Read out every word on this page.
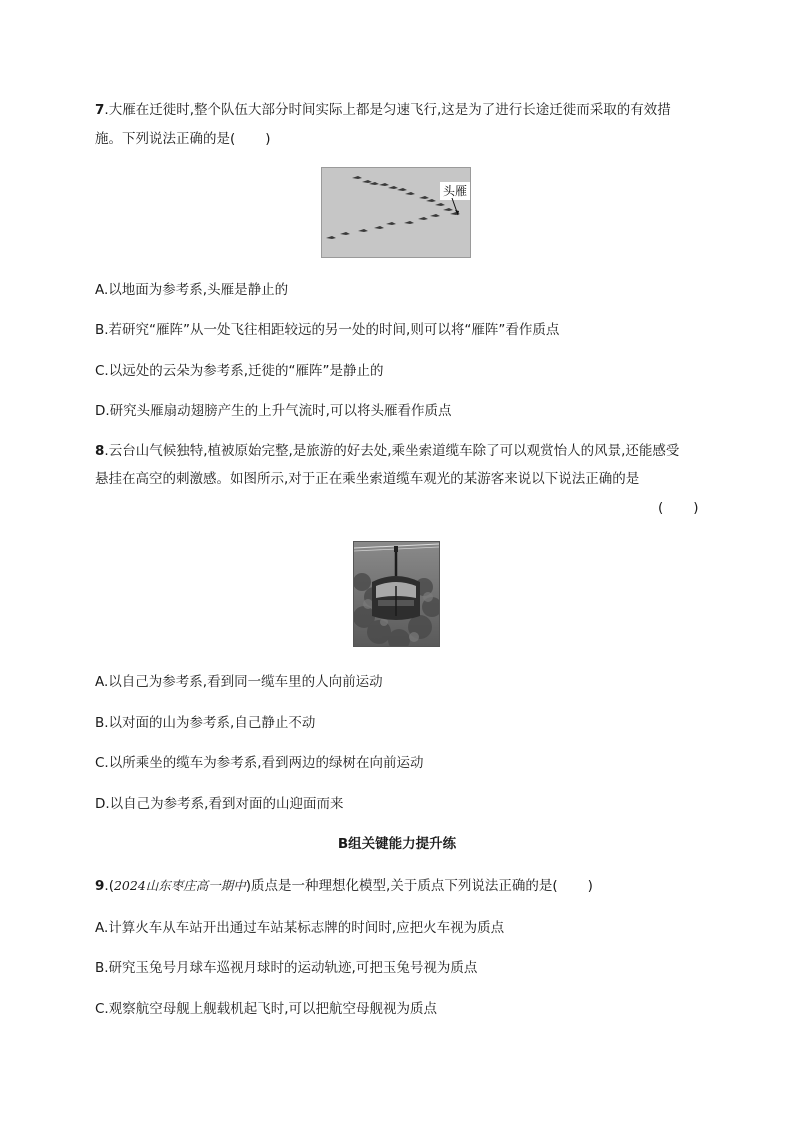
7.大雁在迁徙时,整个队伍大部分时间实际上都是匀速飞行,这是为了进行长途迁徙而采取的有效措
施。下列说法正确的是( )
头雁
A.以地面为参考系,头雁是静止的
B.若研究“雁阵”从一处飞往相距较远的另一处的时间,则可以将“雁阵”看作质点
C.以远处的云朵为参考系,迁徙的“雁阵”是静止的
D.研究头雁扇动翅膀产生的上升气流时,可以将头雁看作质点
8.云台山气候独特,植被原始完整,是旅游的好去处,乘坐索道缆车除了可以观赏怡人的风景,还能感受
悬挂在高空的刺激感。如图所示,对于正在乘坐索道缆车观光的某游客来说以下说法正确的是
(       )
A.以自己为参考系,看到同一缆车里的人向前运动
B.以对面的山为参考系,自己静止不动
C.以所乘坐的缆车为参考系,看到两边的绿树在向前运动
D.以自己为参考系,看到对面的山迎面而来
B组关键能力提升练
9.(2024山东枣庄高一期中)质点是一种理想化模型,关于质点下列说法正确的是( )
A.计算火车从车站开出通过车站某标志牌的时间时,应把火车视为质点
B.研究玉兔号月球车巡视月球时的运动轨迹,可把玉兔号视为质点
C.观察航空母舰上舰载机起飞时,可以把航空母舰视为质点
